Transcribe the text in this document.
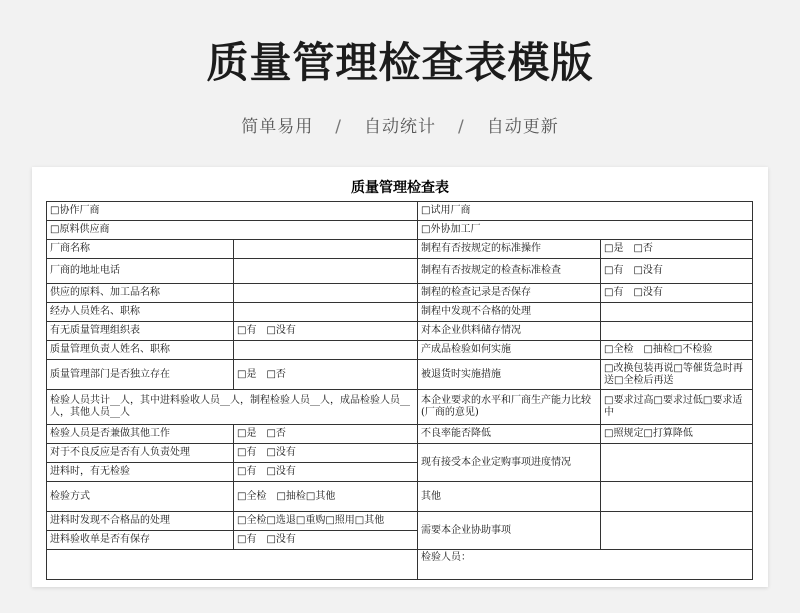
质量管理检查表模版
简单易用 / 自动统计 / 自动更新
质量管理检查表
□协作厂商		□试用厂商	
□原料供应商		□外协加工厂	
厂商名称		制程有否按规定的标准操作	□是　□否
厂商的地址电话		制程有否按规定的检查标准检查	□有　□没有
供应的原料、加工品名称		制程的检查记录是否保存	□有　□没有
经办人员姓名、职称		制程中发现不合格的处理	
有无质量管理组织表	□有　□没有	对本企业供料储存情况	
质量管理负责人姓名、职称		产成品检验如何实施	□全检　□抽检□不检验
质量管理部门是否独立存在	□是　□否	被退货时实施措施	□改换包装再说□等催货急时再送□全检后再送
检验人员共计__人，其中进料验收人员__人，制程检验人员__人，成品检验人员__人，其他人员__人		本企业要求的水平和厂商生产能力比较(厂商的意见)	□要求过高□要求过低□要求适中
检验人员是否兼做其他工作	□是　□否	不良率能否降低	□照规定□打算降低
对于不良反应是否有人负责处理	□有　□没有	现有接受本企业定购事项进度情况	
进料时，有无检验	□有　□没有		
检验方式	□全检　□抽检□其他	其他	
进料时发现不合格品的处理	□全检□选退□重购□照用□其他	需要本企业协助事项	
进料验收单是否有保存	□有　□没有		
		检验人员：	
